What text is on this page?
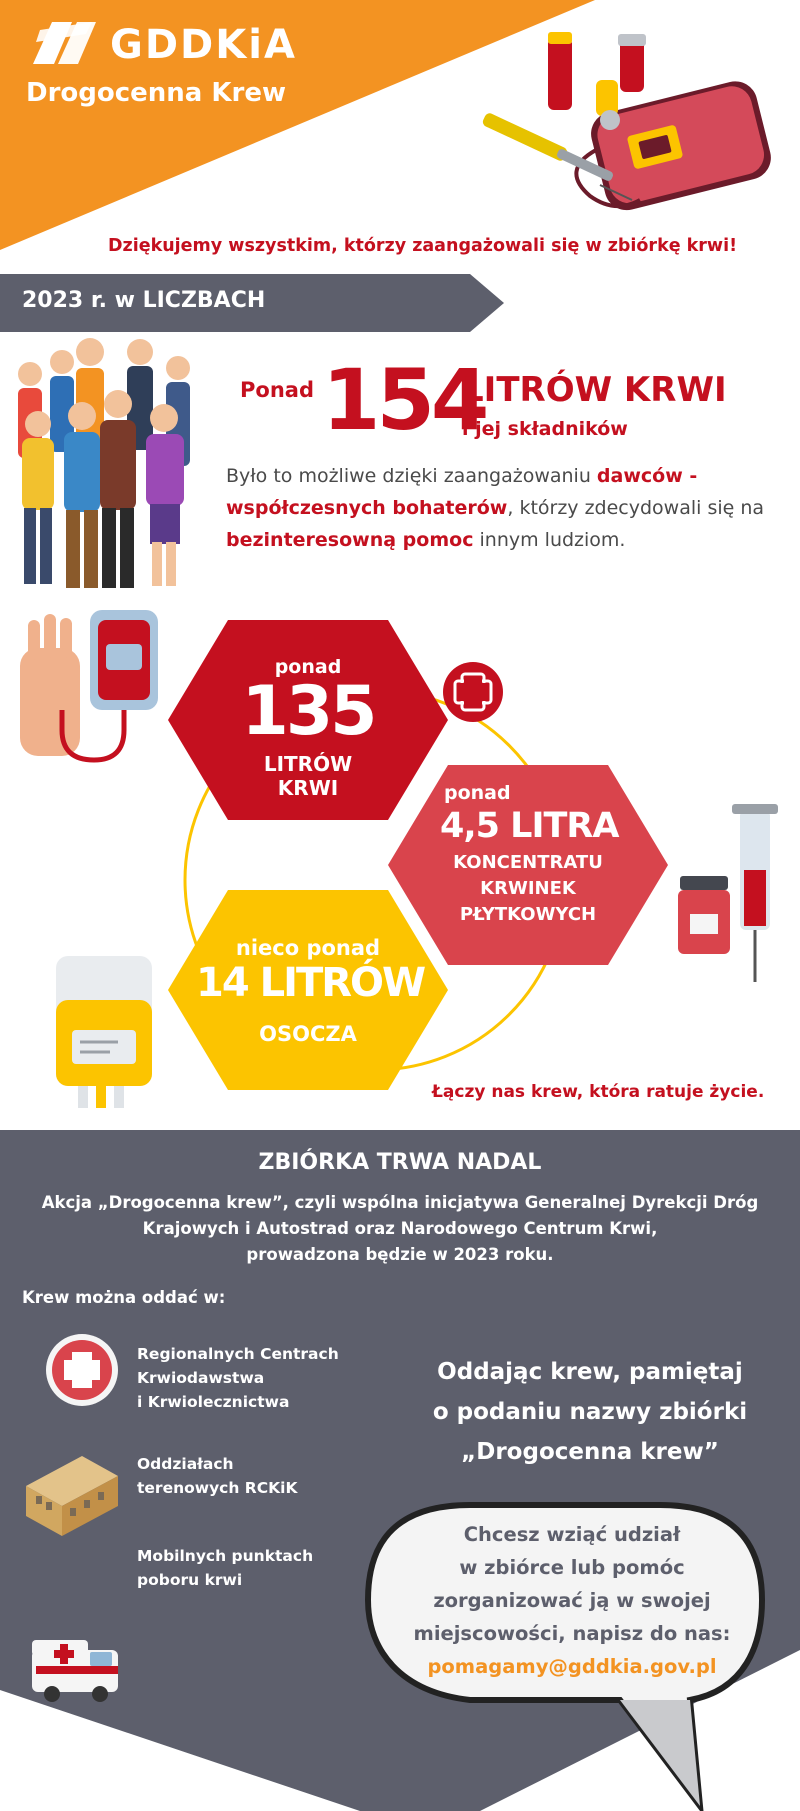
GDDKiA
Drogocenna Krew
Dziękujemy wszystkim, którzy zaangażowali się w zbiórkę krwi!
2023 r. w LICZBACH
Ponad 154
LITRÓW KRWI
i jej składników
Było to możliwe dzięki zaangażowaniu dawców - współczesnych bohaterów, którzy zdecydowali się na bezinteresowną pomoc innym ludziom.
ponad
135
LITRÓW
KRWI	ponad
4,5 LITRA
KONCENTRATU
KRWINEK
PŁYTKOWYCH
nieco ponad
14 LITRÓW
OSOCZA
Łączy nas krew, która ratuje życie.
ZBIÓRKA TRWA NADAL
Akcja „Drogocenna krew”, czyli wspólna inicjatywa Generalnej Dyrekcji Dróg
Krajowych i Autostrad oraz Narodowego Centrum Krwi,
prowadzona będzie w 2023 roku.
Krew można oddać w:
Regionalnych Centrach
Krwiodawstwa
i Krwiolecznictwa
Oddziałach
terenowych RCKiK
Mobilnych punktach
poboru krwi
Oddając krew, pamiętaj
o podaniu nazwy zbiórki
„Drogocenna krew”
Chcesz wziąć udział
w zbiórce lub pomóc
zorganizować ją w swojej
miejscowości, napisz do nas:
pomagamy@gddkia.gov.pl
